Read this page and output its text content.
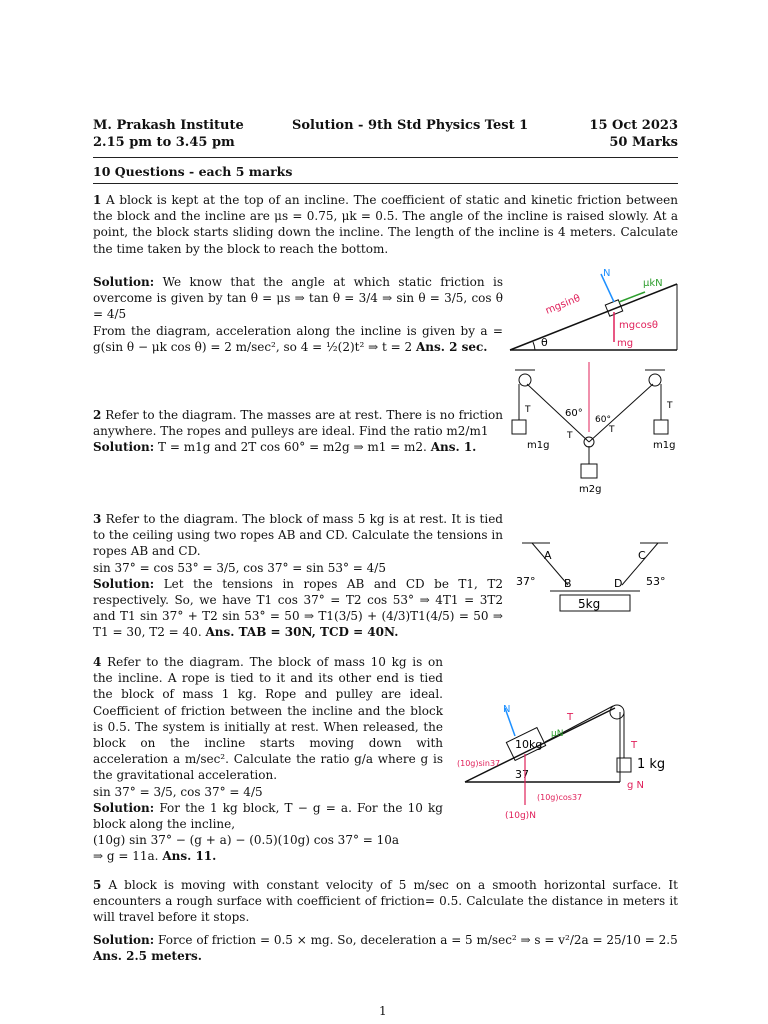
M. Prakash Institute	Solution - 9th Std Physics Test 1	15 Oct 2023
2.15 pm to 3.45 pm	50 Marks
10 Questions - each 5 marks

1 A block is kept at the top of an incline. The coefficient of static and kinetic friction between the block and the incline are μs = 0.75, μk = 0.5. The angle of the incline is raised slowly. At a point, the block starts sliding down the incline. The length of the incline is 4 meters. Calculate the time taken by the block to reach the bottom.

Solution: We know that the angle at which static friction is overcome is given by tan θ = μs ⇒ tan θ = 3/4 ⇒ sin θ = 3/5, cos θ = 4/5

From the diagram, acceleration along the incline is given by a = g(sin θ − μk cos θ) = 2 m/sec², so 4 = ½(2)t² ⇒ t = 2 Ans. 2 sec.	θ
N
μkN
mgsinθ
mgcosθ
mg

2 Refer to the diagram. The masses are at rest. There is no friction anywhere. The ropes and pulleys are ideal. Find the ratio m2/m1

Solution: T = m1g and 2T cos 60° = m2g ⇒ m1 = m2. Ans. 1.

T	T
T
T
60°
60°
m1g	m1g
m2g

3 Refer to the diagram. The block of mass 5 kg is at rest. It is tied to the ceiling using two ropes AB and CD. Calculate the tensions in ropes AB and CD.

sin 37° = cos 53° = 3/5, cos 37° = sin 53° = 4/5

Solution: Let the tensions in ropes AB and CD be T1, T2 respectively. So, we have T1 cos 37° = T2 cos 53° ⇒ 4T1 = 3T2 and T1 sin 37° + T2 sin 53° = 50 ⇒ T1(3/5) + (4/3)T1(4/5) = 50 ⇒ T1 = 30, T2 = 40. Ans. TAB = 30N, TCD = 40N.

A	C
B	D
37°	53°
5kg

4 Refer to the diagram. The block of mass 10 kg is on the incline. A rope is tied to it and its other end is tied the block of mass 1 kg. Rope and pulley are ideal. Coefficient of friction between the incline and the block is 0.5. The system is initially at rest. When released, the block on the incline starts moving down with acceleration a m/sec². Calculate the ratio g/a where g is the gravitational acceleration.

sin 37° = 3/5, cos 37° = 4/5

Solution: For the 1 kg block, T − g = a. For the 10 kg block along the incline,

(10g) sin 37° − (g + a) − (0.5)(10g) cos 37° = 10a

⇒ g = 11a. Ans. 11.

10kg
N
T
μN
(10g)sin37
37
(10g)cos37
(10g)N
T
1 kg
g N

5 A block is moving with constant velocity of 5 m/sec on a smooth horizontal surface. It encounters a rough surface with coefficient of friction= 0.5. Calculate the distance in meters it will travel before it stops.

Solution: Force of friction = 0.5 × mg. So, deceleration a = 5 m/sec² ⇒ s = v²/2a = 25/10 = 2.5

Ans. 2.5 meters.

1
